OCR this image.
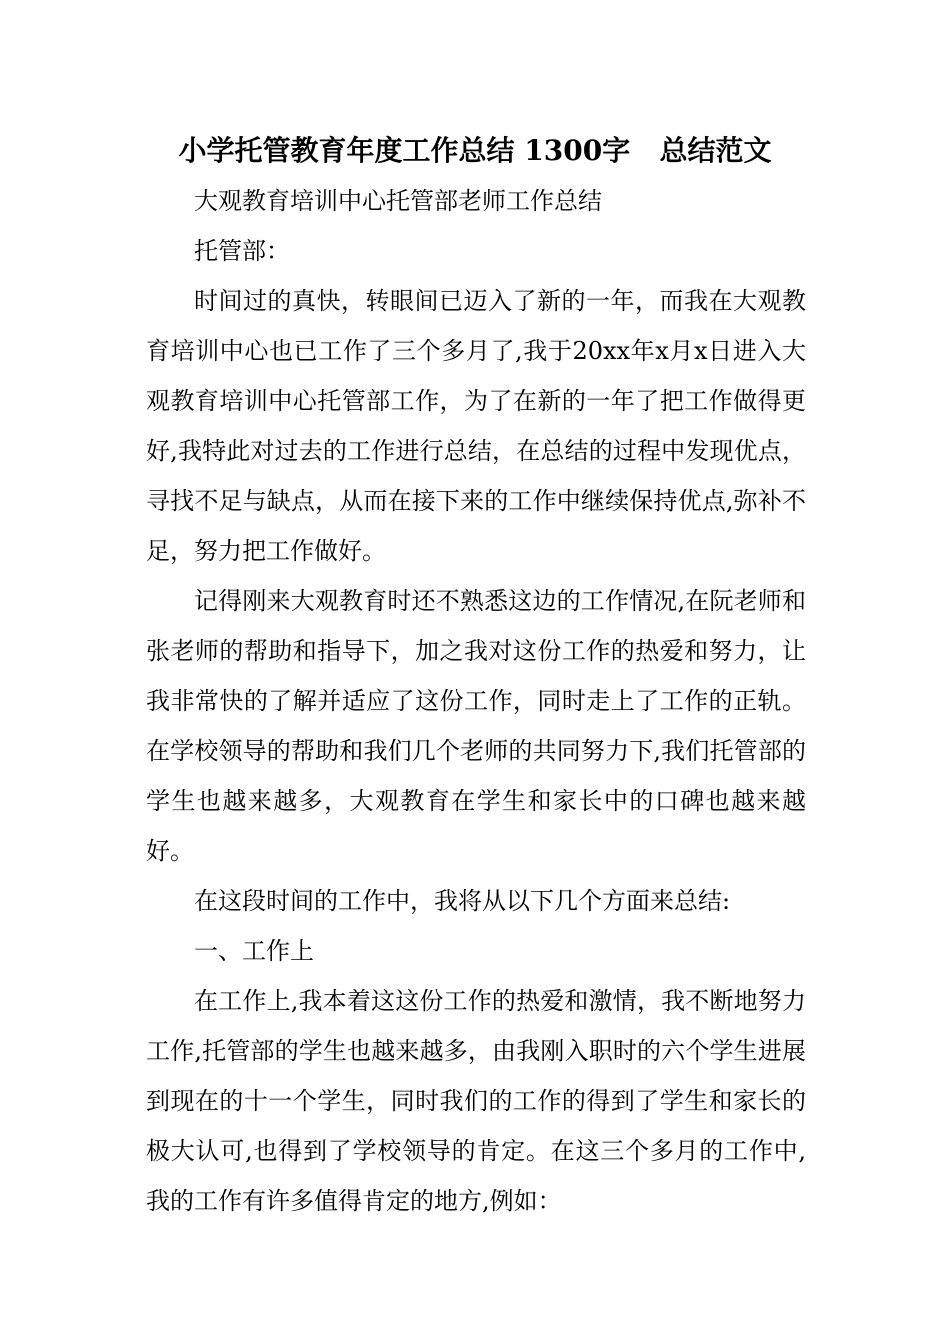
小学托管教育年度工作总结 1300字   总结范文

大观教育培训中心托管部老师工作总结

托管部：

时间过的真快，转眼间已迈入了新的一年，而我在大观教育培训中心也已工作了三个多月了,我于20xx年x月x日进入大观教育培训中心托管部工作，为了在新的一年了把工作做得更好,我特此对过去的工作进行总结，在总结的过程中发现优点，寻找不足与缺点，从而在接下来的工作中继续保持优点,弥补不足，努力把工作做好。

记得刚来大观教育时还不熟悉这边的工作情况,在阮老师和张老师的帮助和指导下，加之我对这份工作的热爱和努力，让我非常快的了解并适应了这份工作，同时走上了工作的正轨。在学校领导的帮助和我们几个老师的共同努力下,我们托管部的学生也越来越多，大观教育在学生和家长中的口碑也越来越好。

在这段时间的工作中，我将从以下几个方面来总结:

一、工作上

在工作上,我本着这这份工作的热爱和激情，我不断地努力工作,托管部的学生也越来越多，由我刚入职时的六个学生进展到现在的十一个学生，同时我们的工作的得到了学生和家长的极大认可,也得到了学校领导的肯定。在这三个多月的工作中,我的工作有许多值得肯定的地方,例如：
